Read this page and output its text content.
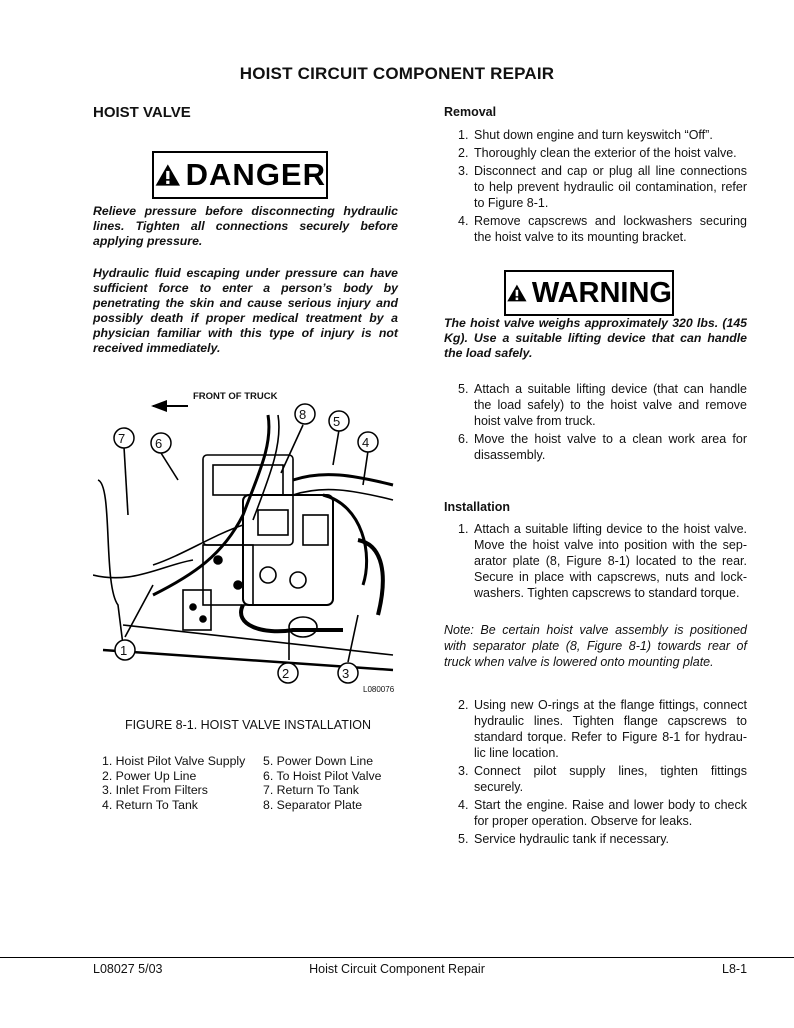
HOIST CIRCUIT COMPONENT REPAIR
HOIST VALVE
DANGER
Relieve pressure before disconnecting hydraulic lines. Tighten all connections securely before applying pressure.
Hydraulic fluid escaping under pressure can have sufficient force to enter a person’s body by penetrating the skin and cause serious injury and possibly death if proper medical treatment by a physician familiar with this type of injury is not received immediately.
FRONT OF TRUCK
7 6
8 5
4
1
2	3
L080076
FIGURE 8-1. HOIST VALVE INSTALLATION
1. Hoist Pilot Valve Supply
2. Power Up Line
3. Inlet From Filters
4. Return To Tank
5. Power Down Line
6. To Hoist Pilot Valve
7. Return To Tank
8. Separator Plate
Removal
1. Shut down engine and turn keyswitch “Off”.
2. Thoroughly clean the exterior of the hoist valve.
3. Disconnect and cap or plug all line connections to help prevent hydraulic oil contamination, refer to Figure 8-1.
4. Remove capscrews and lockwashers securing the hoist valve to its mounting bracket.
WARNING
The hoist valve weighs approximately 320 lbs. (145 Kg). Use a suitable lifting device that can handle the load safely.
5. Attach a suitable lifting device (that can handle the load safely) to the hoist valve and remove hoist valve from truck.
6. Move the hoist valve to a clean work area for disassembly.
Installation
1. Attach a suitable lifting device to the hoist valve. Move the hoist valve into position with the sep-arator plate (8, Figure 8-1) located to the rear. Secure in place with capscrews, nuts and lock-washers. Tighten capscrews to standard torque.
Note: Be certain hoist valve assembly is positioned with separator plate (8, Figure 8-1) towards rear of truck when valve is lowered onto mounting plate.
2. Using new O-rings at the flange fittings, connect hydraulic lines. Tighten flange capscrews to standard torque. Refer to Figure 8-1 for hydrau-lic line location.
3. Connect pilot supply lines, tighten fittings securely.
4. Start the engine. Raise and lower body to check for proper operation. Observe for leaks.
5. Service hydraulic tank if necessary.
L08027 5/03	Hoist Circuit Component Repair	L8-1
